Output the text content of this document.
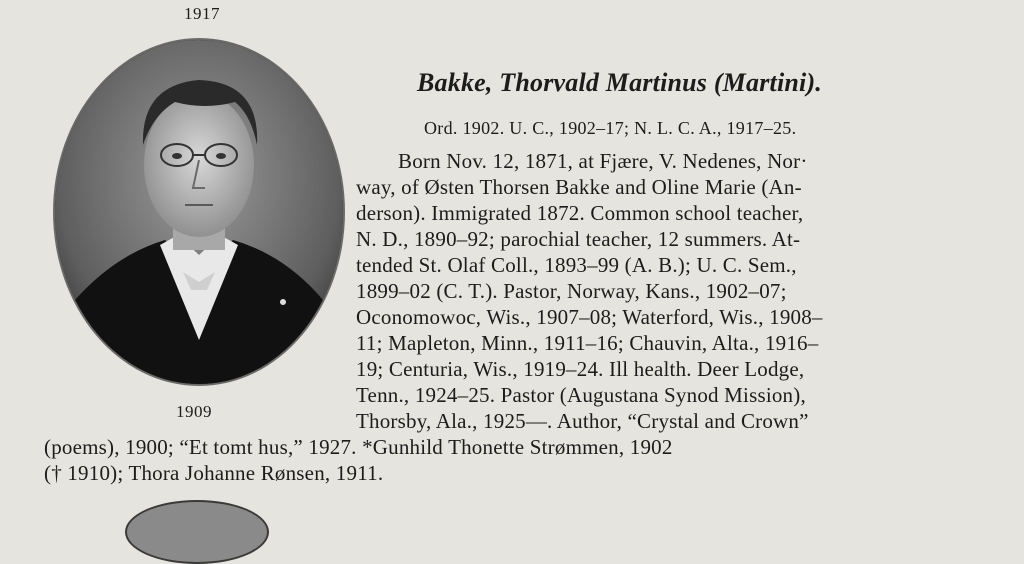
1917
1909
Bakke, Thorvald Martinus (Martini).
Ord. 1902. U. C., 1902–17; N. L. C. A., 1917–25.
Born Nov. 12, 1871, at Fjære, V. Nedenes, Nor·
way, of Østen Thorsen Bakke and Oline Marie (An-
derson). Immigrated 1872. Common school teacher,
N. D., 1890–92; parochial teacher, 12 summers. At-
tended St. Olaf Coll., 1893–99 (A. B.); U. C. Sem.,
1899–02 (C. T.). Pastor, Norway, Kans., 1902–07;
Oconomowoc, Wis., 1907–08; Waterford, Wis., 1908–
11; Mapleton, Minn., 1911–16; Chauvin, Alta., 1916–
19; Centuria, Wis., 1919–24. Ill health. Deer Lodge,
Tenn., 1924–25. Pastor (Augustana Synod Mission),
Thorsby, Ala., 1925—. Author, “Crystal and Crown”
(poems), 1900; “Et tomt hus,” 1927. *Gunhild Thonette Strømmen, 1902
(† 1910); Thora Johanne Rønsen, 1911.
